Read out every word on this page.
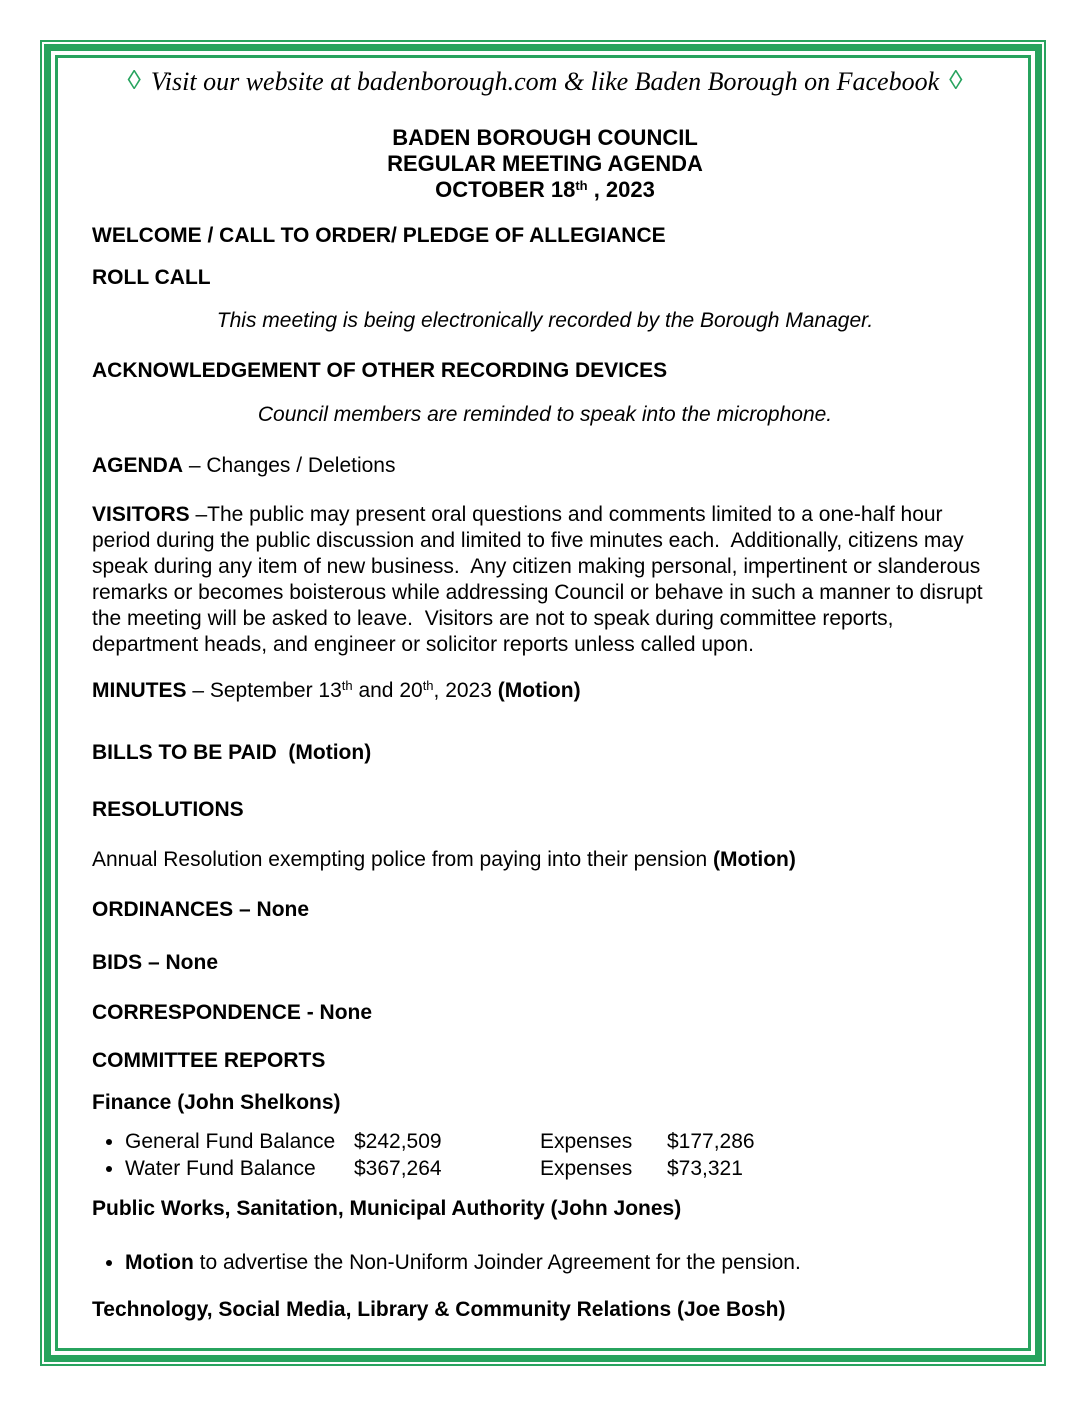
◊ Visit our website at badenborough.com & like Baden Borough on Facebook ◊
BADEN BOROUGH COUNCIL
REGULAR MEETING AGENDA
OCTOBER 18th , 2023

WELCOME / CALL TO ORDER/ PLEDGE OF ALLEGIANCE

ROLL CALL

This meeting is being electronically recorded by the Borough Manager.

ACKNOWLEDGEMENT OF OTHER RECORDING DEVICES

Council members are reminded to speak into the microphone.

AGENDA – Changes / Deletions

VISITORS –The public may present oral questions and comments limited to a one-half hour period during the public discussion and limited to five minutes each.  Additionally, citizens may speak during any item of new business.  Any citizen making personal, impertinent or slanderous remarks or becomes boisterous while addressing Council or behave in such a manner to disrupt the meeting will be asked to leave.  Visitors are not to speak during committee reports, department heads, and engineer or solicitor reports unless called upon.

MINUTES – September 13th and 20th, 2023 (Motion)

BILLS TO BE PAID  (Motion)

RESOLUTIONS

Annual Resolution exempting police from paying into their pension (Motion)

ORDINANCES – None

BIDS – None

CORRESPONDENCE - None

COMMITTEE REPORTS

Finance (John Shelkons)

• General Fund Balance $242,509	Expenses $177,286
• Water Fund Balance $367,264	Expenses $73,321

Public Works, Sanitation, Municipal Authority (John Jones)

• Motion to advertise the Non-Uniform Joinder Agreement for the pension.

Technology, Social Media, Library & Community Relations (Joe Bosh)
